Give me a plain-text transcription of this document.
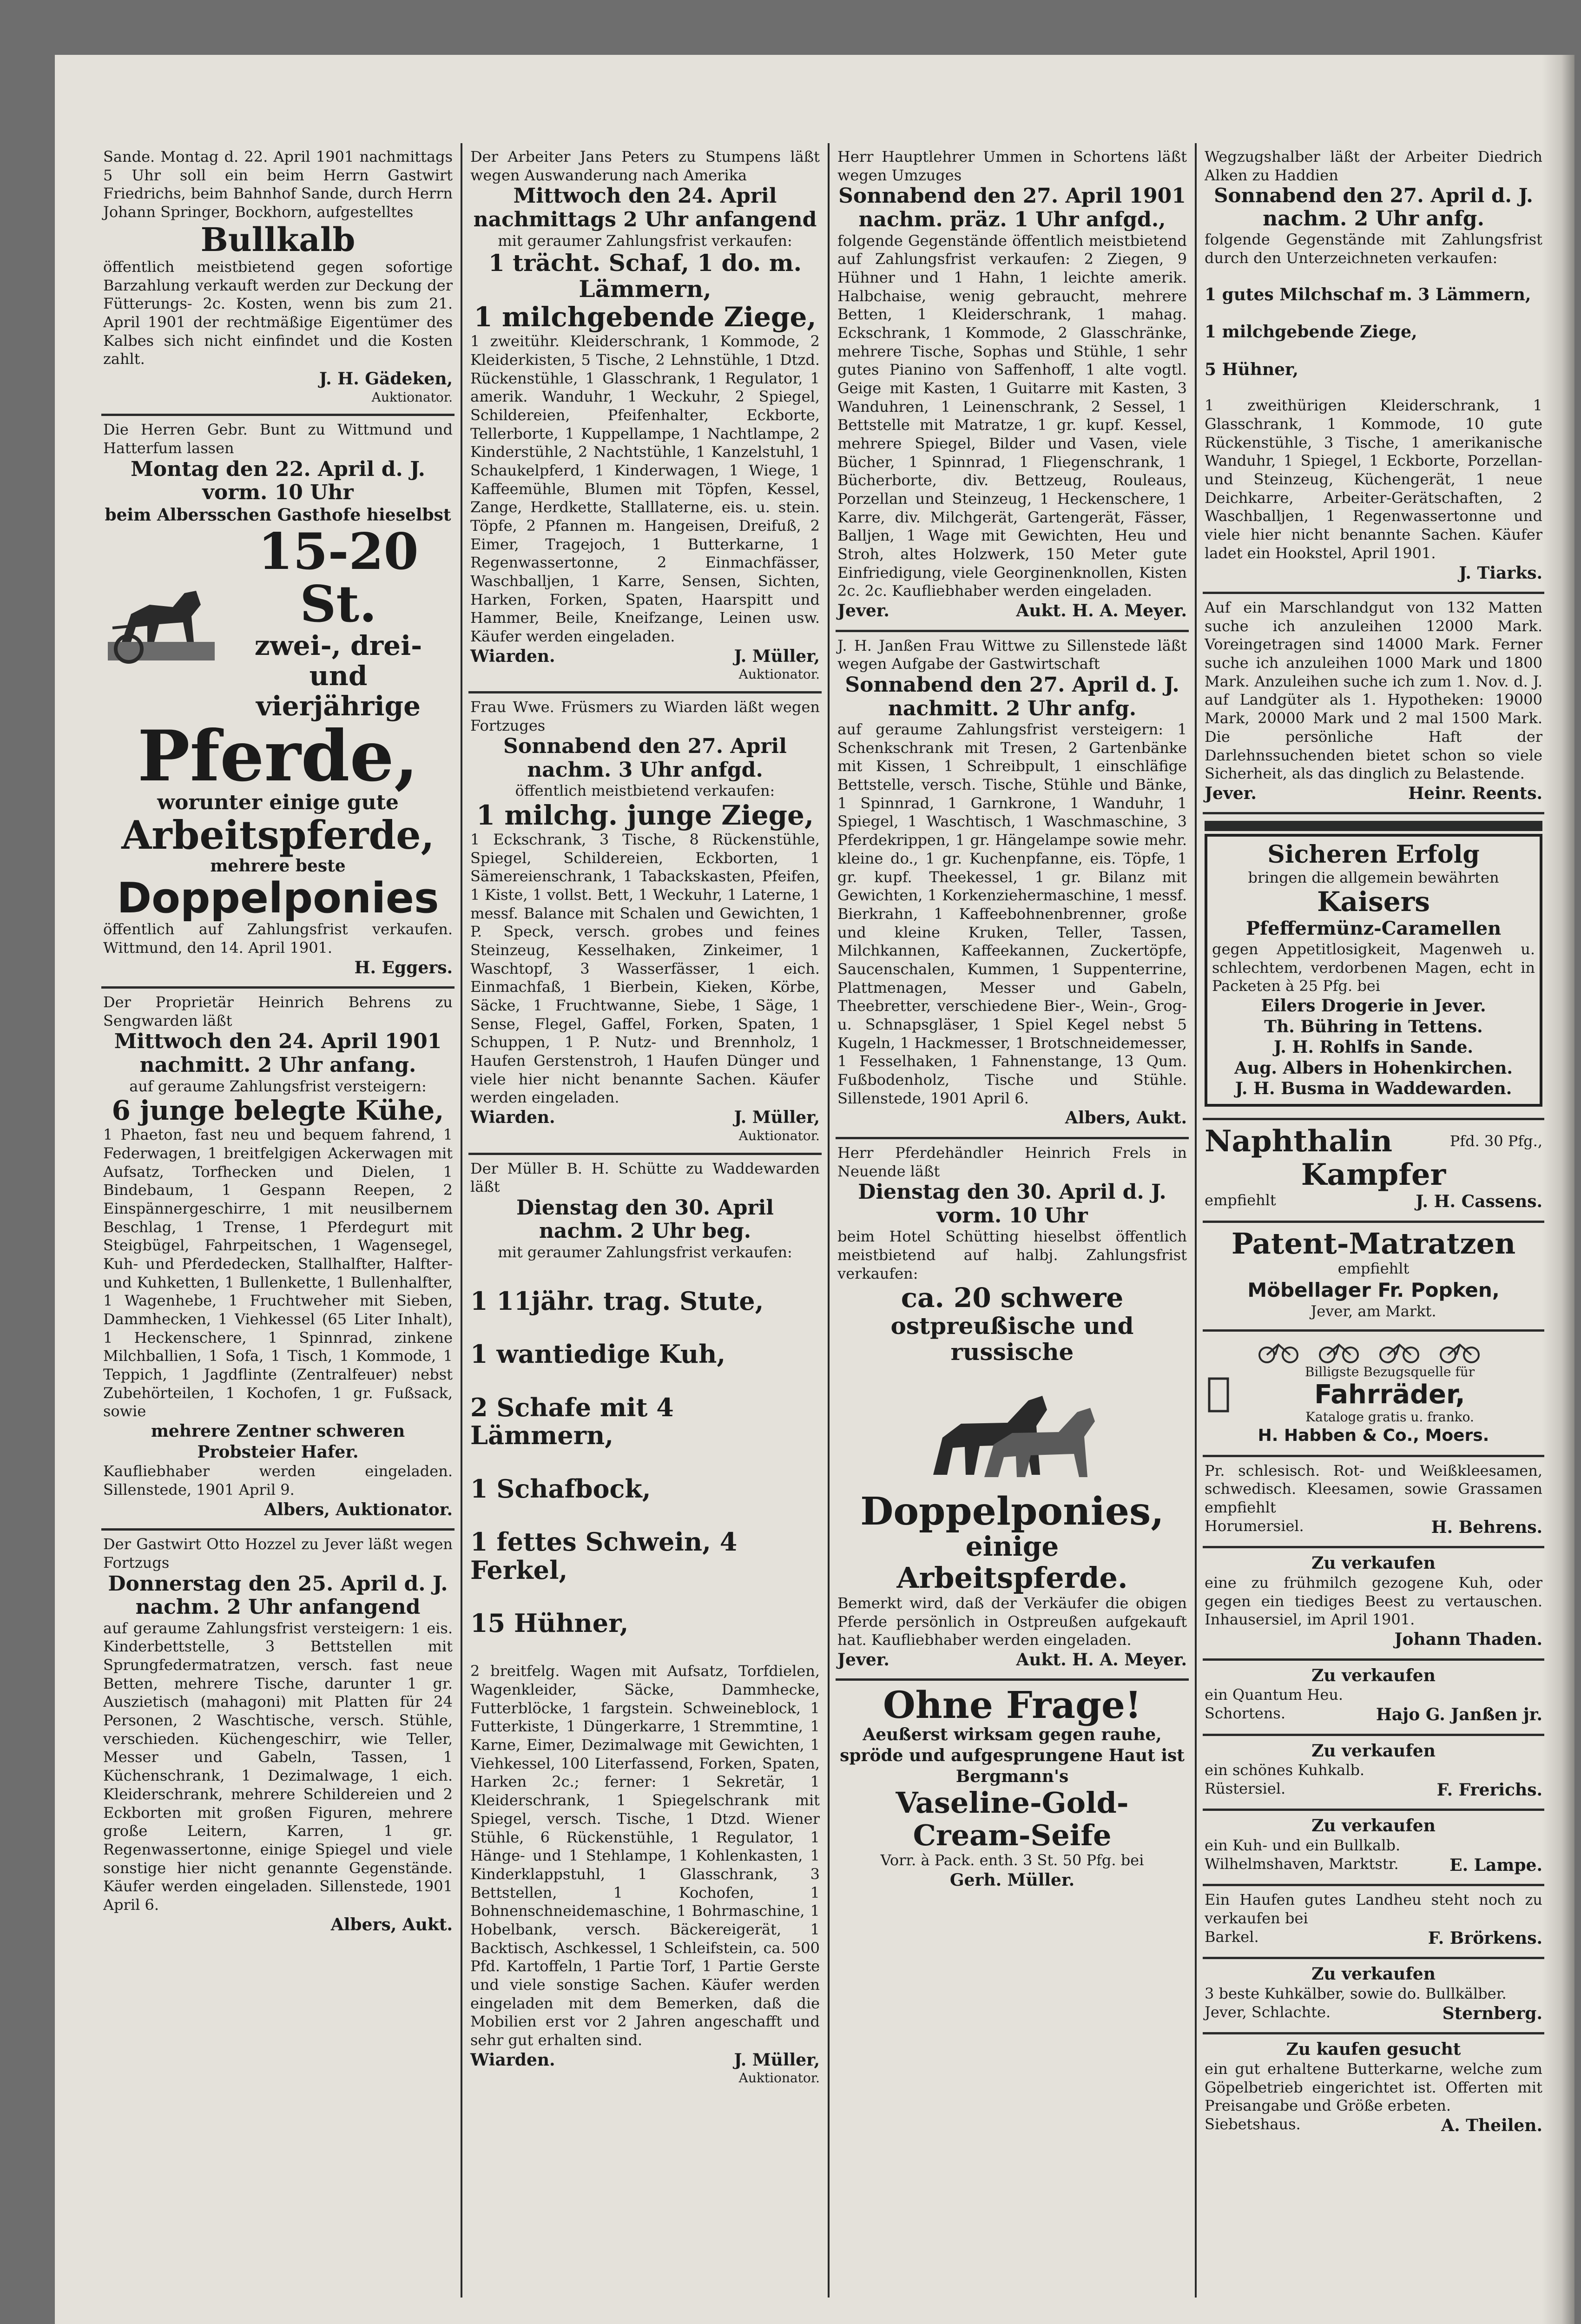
Sande. Montag d. 22. April 1901 nachmittags 5 Uhr soll ein beim Herrn Gastwirt Friedrichs, beim Bahnhof Sande, durch Herrn Johann Springer, Bockhorn, aufgestelltes

Bullkalb

öffentlich meistbietend gegen sofortige Barzahlung verkauft werden zur Deckung der Fütterungs- 2c. Kosten, wenn bis zum 21. April 1901 der rechtmäßige Eigentümer des Kalbes sich nicht einfindet und die Kosten zahlt.

J. H. Gädeken,

Auktionator.

Die Herren Gebr. Bunt zu Wittmund und Hatterfum lassen

Montag den 22. April d. J.

vorm. 10 Uhr

beim Albersschen Gasthofe hieselbst

15-20 St.

zwei-, drei- und vierjährige

Pferde,

worunter einige gute

Arbeitspferde,

mehrere beste

Doppelponies

öffentlich auf Zahlungsfrist verkaufen. Wittmund, den 14. April 1901.

H. Eggers.

Der Proprietär Heinrich Behrens zu Sengwarden läßt

Mittwoch den 24. April 1901

nachmitt. 2 Uhr anfang.

auf geraume Zahlungsfrist versteigern:

6 junge belegte Kühe,

1 Phaeton, fast neu und bequem fahrend, 1 Federwagen, 1 breitfelgigen Ackerwagen mit Aufsatz, Torfhecken und Dielen, 1 Bindebaum, 1 Gespann Reepen, 2 Einspännergeschirre, 1 mit neusilbernem Beschlag, 1 Trense, 1 Pferdegurt mit Steigbügel, Fahrpeitschen, 1 Wagensegel, Kuh- und Pferdedecken, Stallhalfter, Halfter- und Kuhketten, 1 Bullenkette, 1 Bullenhalfter, 1 Wagenhebe, 1 Fruchtweher mit Sieben, Dammhecken, 1 Viehkessel (65 Liter Inhalt), 1 Heckenschere, 1 Spinnrad, zinkene Milchballien, 1 Sofa, 1 Tisch, 1 Kommode, 1 Teppich, 1 Jagdflinte (Zentralfeuer) nebst Zubehörteilen, 1 Kochofen, 1 gr. Fußsack, sowie

mehrere Zentner schweren Probsteier Hafer.

Kaufliebhaber werden eingeladen. Sillenstede, 1901 April 9.

Albers, Auktionator.

Der Gastwirt Otto Hozzel zu Jever läßt wegen Fortzugs

Donnerstag den 25. April d. J.

nachm. 2 Uhr anfangend

auf geraume Zahlungsfrist versteigern: 1 eis. Kinderbettstelle, 3 Bettstellen mit Sprungfedermatratzen, versch. fast neue Betten, mehrere Tische, darunter 1 gr. Auszietisch (mahagoni) mit Platten für 24 Personen, 2 Waschtische, versch. Stühle, verschieden. Küchengeschirr, wie Teller, Messer und Gabeln, Tassen, 1 Küchenschrank, 1 Dezimalwage, 1 eich. Kleiderschrank, mehrere Schildereien und 2 Eckborten mit großen Figuren, mehrere große Leitern, Karren, 1 gr. Regenwassertonne, einige Spiegel und viele sonstige hier nicht genannte Gegenstände. Käufer werden eingeladen. Sillenstede, 1901 April 6.

Albers, Aukt.

Der Arbeiter Jans Peters zu Stumpens läßt wegen Auswanderung nach Amerika

Mittwoch den 24. April

nachmittags 2 Uhr anfangend

mit geraumer Zahlungsfrist verkaufen:

1 trächt. Schaf, 1 do. m. Lämmern,

1 milchgebende Ziege,

1 zweitühr. Kleiderschrank, 1 Kommode, 2 Kleiderkisten, 5 Tische, 2 Lehnstühle, 1 Dtzd. Rückenstühle, 1 Glasschrank, 1 Regulator, 1 amerik. Wanduhr, 1 Weckuhr, 2 Spiegel, Schildereien, Pfeifenhalter, Eckborte, Tellerborte, 1 Kuppellampe, 1 Nachtlampe, 2 Kinderstühle, 2 Nachtstühle, 1 Kanzelstuhl, 1 Schaukelpferd, 1 Kinderwagen, 1 Wiege, 1 Kaffeemühle, Blumen mit Töpfen, Kessel, Zange, Herdkette, Stalllaterne, eis. u. stein. Töpfe, 2 Pfannen m. Hangeisen, Dreifuß, 2 Eimer, Tragejoch, 1 Butterkarne, 1 Regenwassertonne, 2 Einmachfässer, Waschballjen, 1 Karre, Sensen, Sichten, Harken, Forken, Spaten, Haarspitt und Hammer, Beile, Kneifzange, Leinen usw. Käufer werden eingeladen.

Wiarden.	J. Müller,

Auktionator.

Frau Wwe. Früsmers zu Wiarden läßt wegen Fortzuges

Sonnabend den 27. April

nachm. 3 Uhr anfgd.

öffentlich meistbietend verkaufen:

1 milchg. junge Ziege,

1 Eckschrank, 3 Tische, 8 Rückenstühle, Spiegel, Schildereien, Eckborten, 1 Sämereienschrank, 1 Tabackskasten, Pfeifen, 1 Kiste, 1 vollst. Bett, 1 Weckuhr, 1 Laterne, 1 messf. Balance mit Schalen und Gewichten, 1 P. Speck, versch. grobes und feines Steinzeug, Kesselhaken, Zinkeimer, 1 Waschtopf, 3 Wasserfässer, 1 eich. Einmachfaß, 1 Bierbein, Kieken, Körbe, Säcke, 1 Fruchtwanne, Siebe, 1 Säge, 1 Sense, Flegel, Gaffel, Forken, Spaten, 1 Schuppen, 1 P. Nutz- und Brennholz, 1 Haufen Gerstenstroh, 1 Haufen Dünger und viele hier nicht benannte Sachen. Käufer werden eingeladen.

Wiarden.	J. Müller,

Auktionator.

Der Müller B. H. Schütte zu Waddewarden läßt

Dienstag den 30. April

nachm. 2 Uhr beg.

mit geraumer Zahlungsfrist verkaufen:

1 11jähr. trag. Stute,

1 wantiedige Kuh,

2 Schafe mit 4 Lämmern,

1 Schafbock,

1 fettes Schwein, 4 Ferkel,

15 Hühner,

2 breitfelg. Wagen mit Aufsatz, Torfdielen, Wagenkleider, Säcke, Dammhecke, Futterblöcke, 1 fargstein. Schweineblock, 1 Futterkiste, 1 Düngerkarre, 1 Stremmtine, 1 Karne, Eimer, Dezimalwage mit Gewichten, 1 Viehkessel, 100 Literfassend, Forken, Spaten, Harken 2c.; ferner: 1 Sekretär, 1 Kleiderschrank, 1 Spiegelschrank mit Spiegel, versch. Tische, 1 Dtzd. Wiener Stühle, 6 Rückenstühle, 1 Regulator, 1 Hänge- und 1 Stehlampe, 1 Kohlenkasten, 1 Kinderklappstuhl, 1 Glasschrank, 3 Bettstellen, 1 Kochofen, 1 Bohnenschneidemaschine, 1 Bohrmaschine, 1 Hobelbank, versch. Bäckereigerät, 1 Backtisch, Aschkessel, 1 Schleifstein, ca. 500 Pfd. Kartoffeln, 1 Partie Torf, 1 Partie Gerste und viele sonstige Sachen. Käufer werden eingeladen mit dem Bemerken, daß die Mobilien erst vor 2 Jahren angeschafft und sehr gut erhalten sind.

Wiarden.	J. Müller,

Auktionator.

Herr Hauptlehrer Ummen in Schortens läßt wegen Umzuges

Sonnabend den 27. April 1901

nachm. präz. 1 Uhr anfgd.,

folgende Gegenstände öffentlich meistbietend auf Zahlungsfrist verkaufen: 2 Ziegen, 9 Hühner und 1 Hahn, 1 leichte amerik. Halbchaise, wenig gebraucht, mehrere Betten, 1 Kleiderschrank, 1 mahag. Eckschrank, 1 Kommode, 2 Glasschränke, mehrere Tische, Sophas und Stühle, 1 sehr gutes Pianino von Saffenhoff, 1 alte vogtl. Geige mit Kasten, 1 Guitarre mit Kasten, 3 Wanduhren, 1 Leinenschrank, 2 Sessel, 1 Bettstelle mit Matratze, 1 gr. kupf. Kessel, mehrere Spiegel, Bilder und Vasen, viele Bücher, 1 Spinnrad, 1 Fliegenschrank, 1 Bücherborte, div. Bettzeug, Rouleaus, Porzellan und Steinzeug, 1 Heckenschere, 1 Karre, div. Milchgerät, Gartengerät, Fässer, Balljen, 1 Wage mit Gewichten, Heu und Stroh, altes Holzwerk, 150 Meter gute Einfriedigung, viele Georginenknollen, Kisten 2c. 2c. Kaufliebhaber werden eingeladen.

Jever.	Aukt. H. A. Meyer.

J. H. Janßen Frau Wittwe zu Sillenstede läßt wegen Aufgabe der Gastwirtschaft

Sonnabend den 27. April d. J.

nachmitt. 2 Uhr anfg.

auf geraume Zahlungsfrist versteigern: 1 Schenkschrank mit Tresen, 2 Gartenbänke mit Kissen, 1 Schreibpult, 1 einschläfige Bettstelle, versch. Tische, Stühle und Bänke, 1 Spinnrad, 1 Garnkrone, 1 Wanduhr, 1 Spiegel, 1 Waschtisch, 1 Waschmaschine, 3 Pferdekrippen, 1 gr. Hängelampe sowie mehr. kleine do., 1 gr. Kuchenpfanne, eis. Töpfe, 1 gr. kupf. Theekessel, 1 gr. Bilanz mit Gewichten, 1 Korkenziehermaschine, 1 messf. Bierkrahn, 1 Kaffeebohnenbrenner, große und kleine Kruken, Teller, Tassen, Milchkannen, Kaffeekannen, Zuckertöpfe, Saucenschalen, Kummen, 1 Suppenterrine, Plattmenagen, Messer und Gabeln, Theebretter, verschiedene Bier-, Wein-, Grog- u. Schnapsgläser, 1 Spiel Kegel nebst 5 Kugeln, 1 Hackmesser, 1 Brotschneidemesser, 1 Fesselhaken, 1 Fahnenstange, 13 Qum. Fußbodenholz, Tische und Stühle. Sillenstede, 1901 April 6.

Albers, Aukt.

Herr Pferdehändler Heinrich Frels in Neuende läßt

Dienstag den 30. April d. J.

vorm. 10 Uhr

beim Hotel Schütting hieselbst öffentlich meistbietend auf halbj. Zahlungsfrist verkaufen:

ca. 20 schwere

ostpreußische und russische

Doppelponies,

einige

Arbeitspferde.

Bemerkt wird, daß der Verkäufer die obigen Pferde persönlich in Ostpreußen aufgekauft hat. Kaufliebhaber werden eingeladen.

Jever.	Aukt. H. A. Meyer.

Ohne Frage!

Aeußerst wirksam gegen rauhe, spröde und aufgesprungene Haut ist Bergmann's

Vaseline-Gold-Cream-Seife

Vorr. à Pack. enth. 3 St. 50 Pfg. bei

Gerh. Müller.

Wegzugshalber läßt der Arbeiter Diedrich Alken zu Haddien

Sonnabend den 27. April d. J.

nachm. 2 Uhr anfg.

folgende Gegenstände mit Zahlungsfrist durch den Unterzeichneten verkaufen:

1 gutes Milchschaf m. 3 Lämmern,

1 milchgebende Ziege,

5 Hühner,

1 zweithürigen Kleiderschrank, 1 Glasschrank, 1 Kommode, 10 gute Rückenstühle, 3 Tische, 1 amerikanische Wanduhr, 1 Spiegel, 1 Eckborte, Porzellan- und Steinzeug, Küchengerät, 1 neue Deichkarre, Arbeiter-Gerätschaften, 2 Waschballjen, 1 Regenwassertonne und viele hier nicht benannte Sachen. Käufer ladet ein Hookstel, April 1901.

J. Tiarks.

Auf ein Marschlandgut von 132 Matten suche ich anzuleihen 12000 Mark. Voreingetragen sind 14000 Mark. Ferner suche ich anzuleihen 1000 Mark und 1800 Mark. Anzuleihen suche ich zum 1. Nov. d. J. auf Landgüter als 1. Hypotheken: 19000 Mark, 20000 Mark und 2 mal 1500 Mark. Die persönliche Haft der Darlehnssuchenden bietet schon so viele Sicherheit, als das dinglich zu Belastende.

Jever.	Heinr. Reents.

Sicheren Erfolg

bringen die allgemein bewährten

Kaisers

Pfeffermünz-Caramellen

gegen Appetitlosigkeit, Magenweh u. schlechtem, verdorbenen Magen, echt in Packeten à 25 Pfg. bei

Eilers Drogerie in Jever.

Th. Bühring in Tettens.

J. H. Rohlfs in Sande.

Aug. Albers in Hohenkirchen.

J. H. Busma in Waddewarden.

Naphthalin	Pfd. 30 Pfg.,

Kampfer

empfiehlt	J. H. Cassens.

Patent-Matratzen

empfiehlt

Möbellager Fr. Popken,

Jever, am Markt.

Billigste Bezugsquelle für

Fahrräder,

Kataloge gratis u. franko.

H. Habben & Co., Moers.

Pr. schlesisch. Rot- und Weißkleesamen, schwedisch. Kleesamen, sowie Grassamen empfiehlt

Horumersiel.	H. Behrens.

Zu verkaufen

eine zu frühmilch gezogene Kuh, oder gegen ein tiediges Beest zu vertauschen. Inhausersiel, im April 1901.

Johann Thaden.

Zu verkaufen

ein Quantum Heu.

Schortens.	Hajo G. Janßen jr.

Zu verkaufen

ein schönes Kuhkalb.

Rüstersiel.	F. Frerichs.

Zu verkaufen

ein Kuh- und ein Bullkalb.

Wilhelmshaven, Marktstr.	E. Lampe.

Ein Haufen gutes Landheu steht noch zu verkaufen bei

Barkel.	F. Brörkens.

Zu verkaufen

3 beste Kuhkälber, sowie do. Bullkälber.

Jever, Schlachte.	Sternberg.

Zu kaufen gesucht

ein gut erhaltene Butterkarne, welche zum Göpelbetrieb eingerichtet ist. Offerten mit Preisangabe und Größe erbeten.

Siebetshaus.	A. Theilen.
